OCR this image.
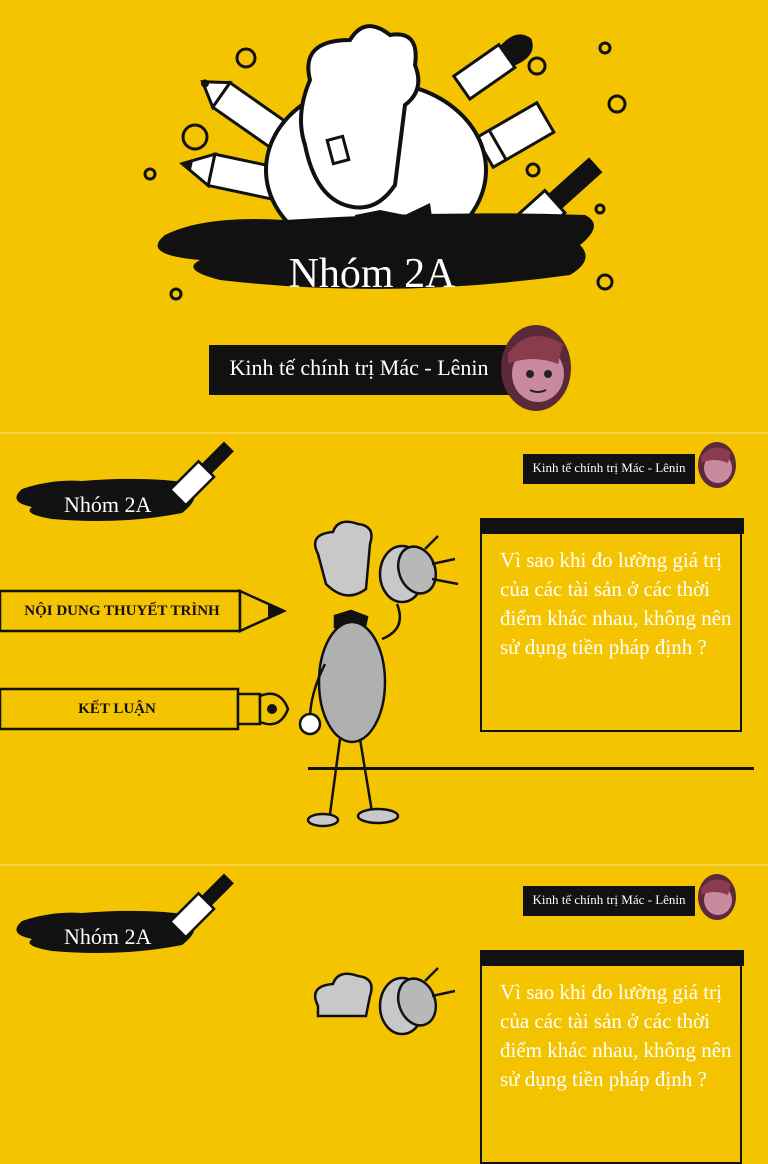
Nhóm 2A
Kinh tế chính trị Mác - Lênin
Kinh tế chính trị Mác - Lênin
Nhóm 2A
NỘI DUNG THUYẾT TRÌNH
KẾT LUẬN
Vì sao khi đo lường giá trị của các tài sản ở các thời điểm khác nhau, không nên sử dụng tiền pháp định ?
Kinh tế chính trị Mác - Lênin
Nhóm 2A
Vì sao khi đo lường giá trị của các tài sản ở các thời điểm khác nhau, không nên sử dụng tiền pháp định ?
